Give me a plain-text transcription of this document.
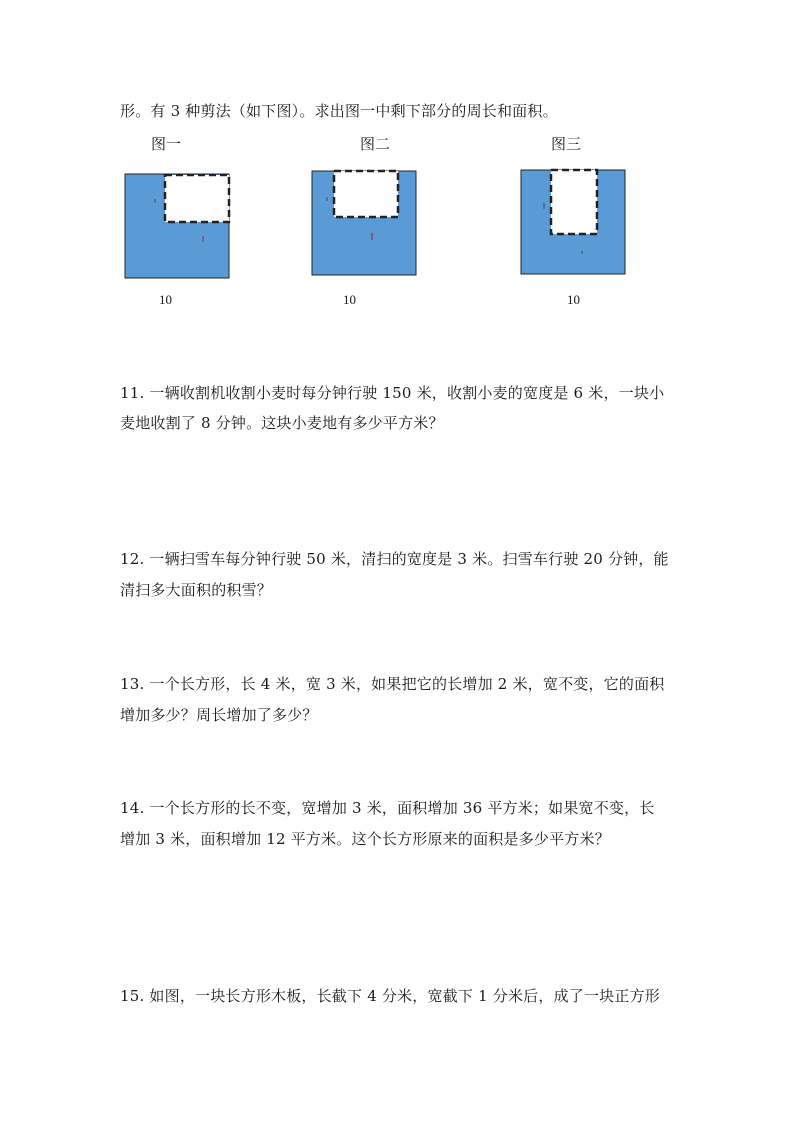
形。有 3 种剪法（如下图）。求出图一中剩下部分的周长和面积。
图一
10
图二
10
图三
10
11. 一辆收割机收割小麦时每分钟行驶 150 米，收割小麦的宽度是 6 米，一块小
麦地收割了 8 分钟。这块小麦地有多少平方米？
12. 一辆扫雪车每分钟行驶 50 米，清扫的宽度是 3 米。扫雪车行驶 20 分钟，能
清扫多大面积的积雪？
13. 一个长方形，长 4 米，宽 3 米，如果把它的长增加 2 米，宽不变，它的面积
增加多少？周长增加了多少？
14. 一个长方形的长不变，宽增加 3 米，面积增加 36 平方米；如果宽不变，长
增加 3 米，面积增加 12 平方米。这个长方形原来的面积是多少平方米？
15. 如图，一块长方形木板，长截下 4 分米，宽截下 1 分米后，成了一块正方形
